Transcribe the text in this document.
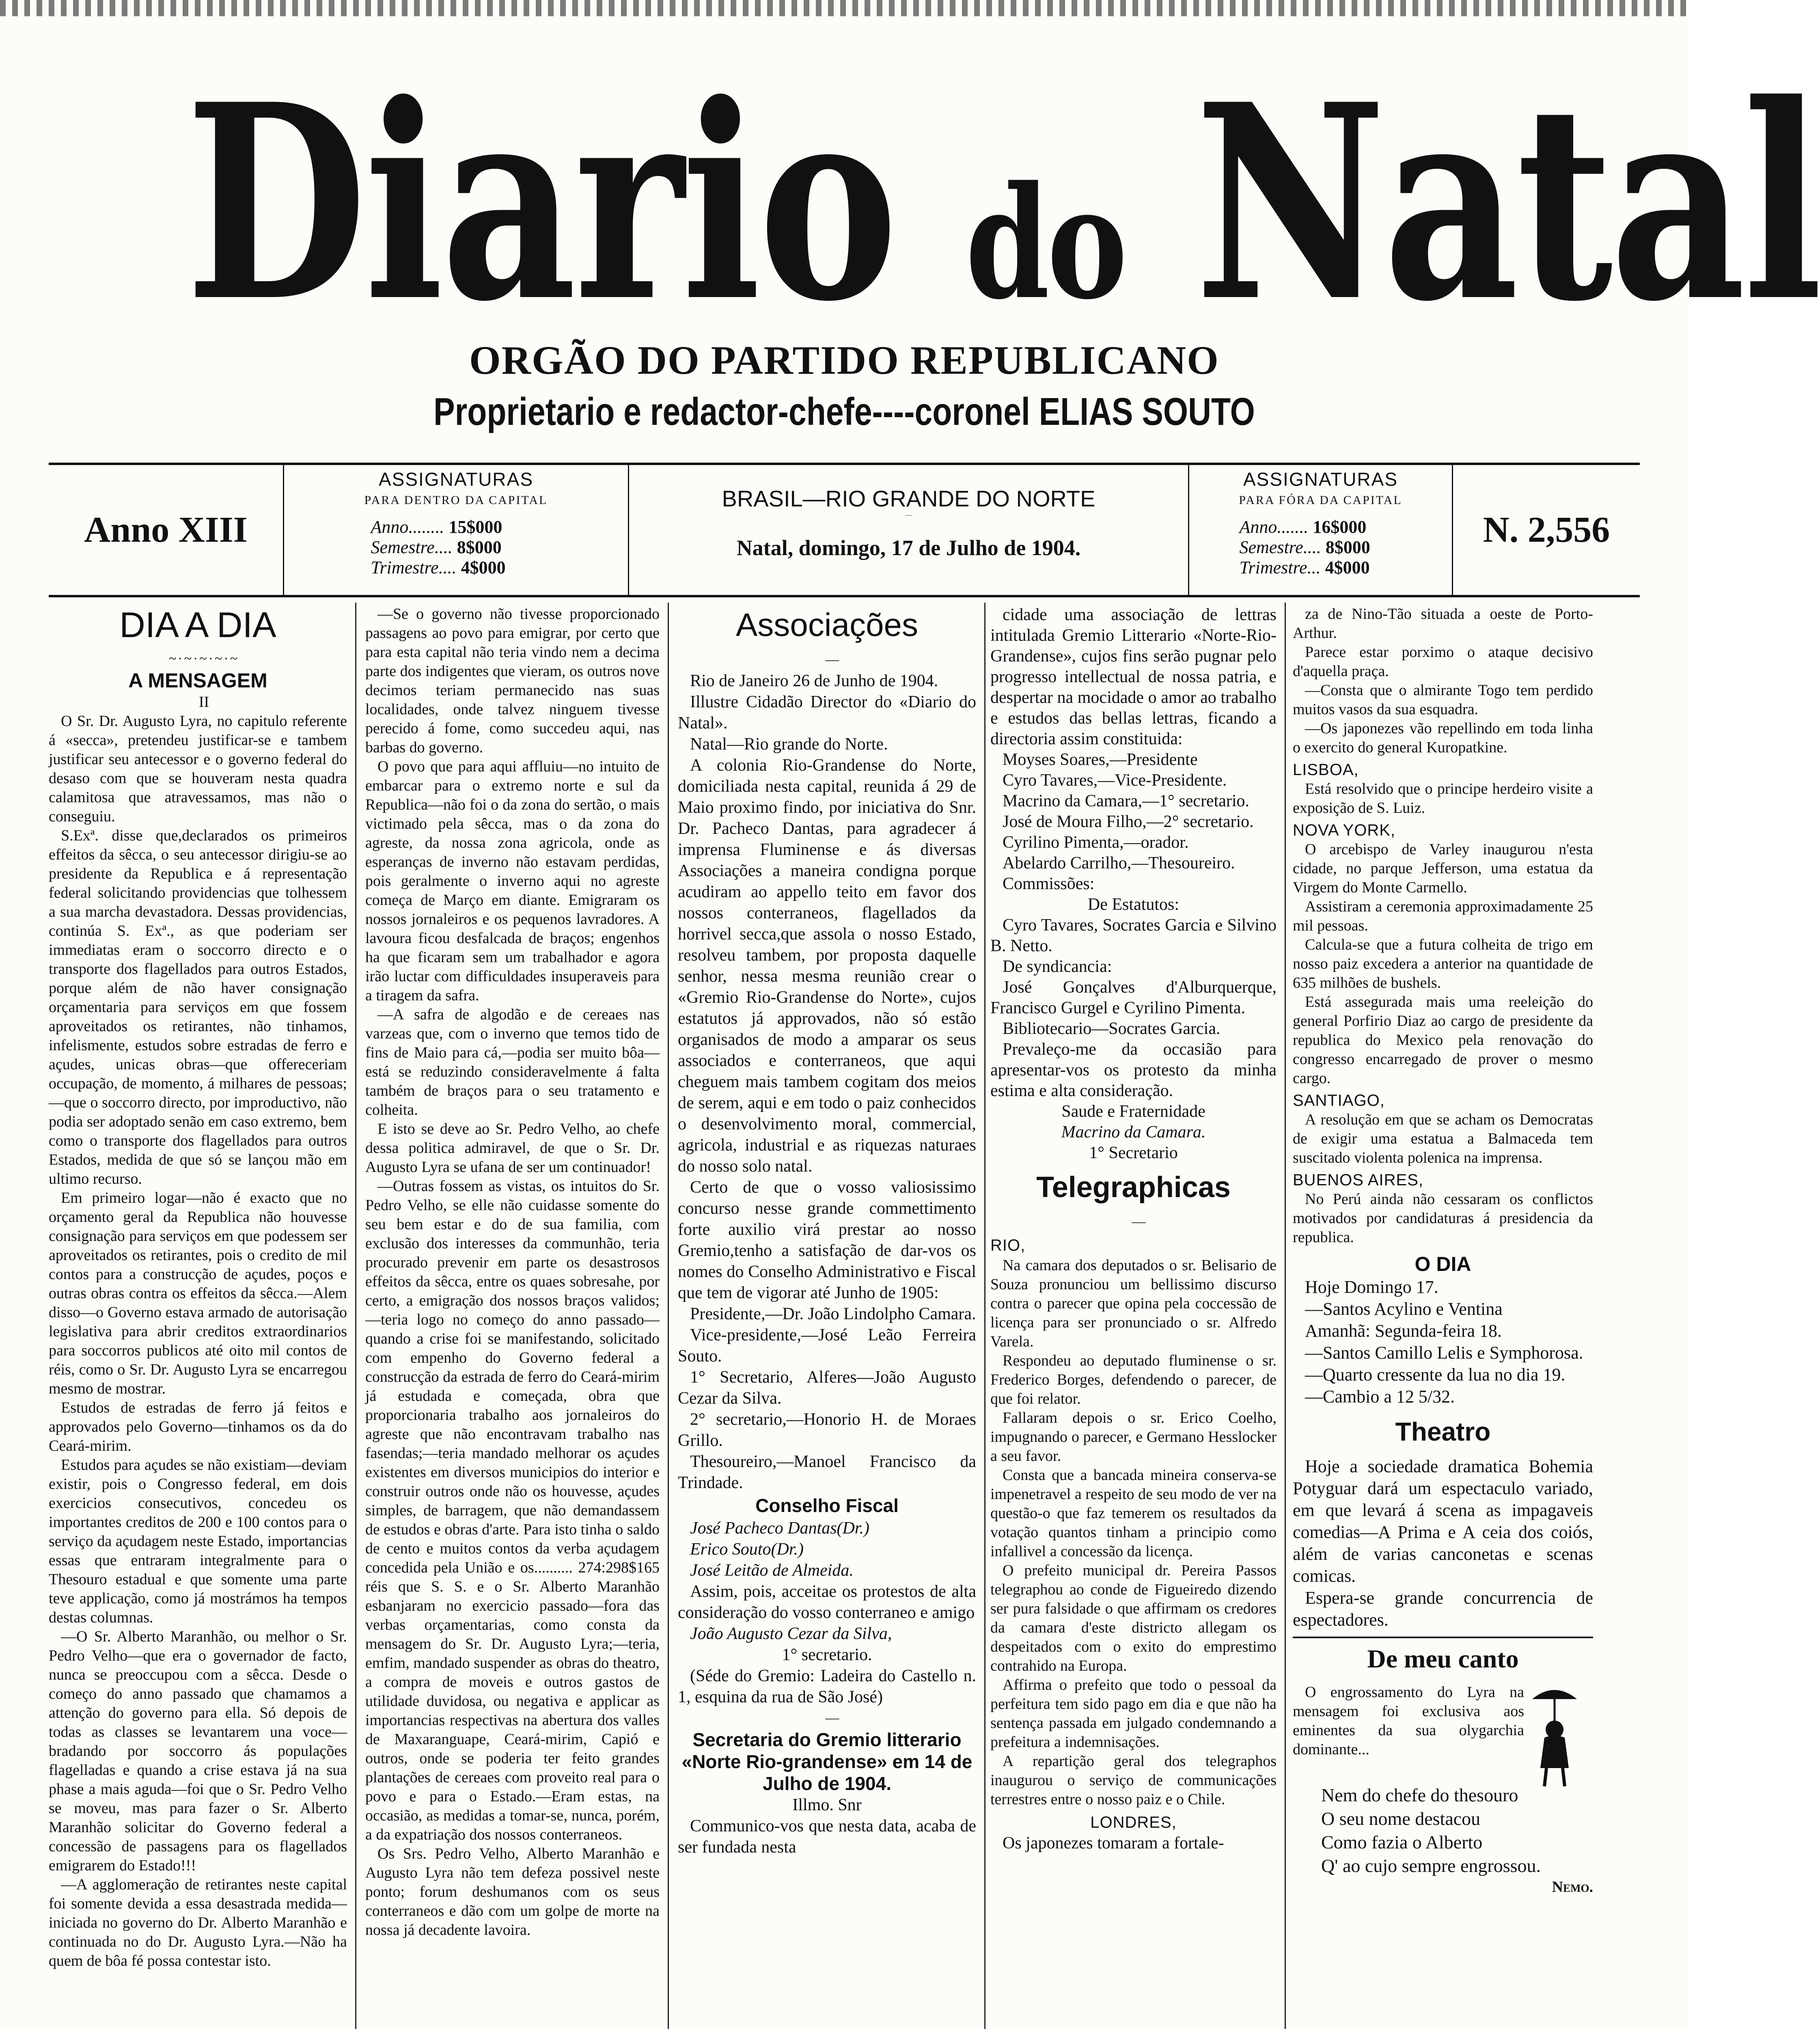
Diario do Natal
ORGÃO DO PARTIDO REPUBLICANO
Proprietario e redactor-chefe----coronel ELIAS SOUTO
Anno XIII
ASSIGNATURAS
PARA DENTRO DA CAPITAL
Anno........ 15$000
Semestre.... 8$000
Trimestre.... 4$000
BRASIL—RIO GRANDE DO NORTE
—
Natal, domingo, 17 de Julho de 1904.
ASSIGNATURAS
PARA FÓRA DA CAPITAL
Anno....... 16$000
Semestre.... 8$000
Trimestre... 4$000
N. 2,556
DIA A DIA

~·~·~·~·~

A MENSAGEM

II

O Sr. Dr. Augusto Lyra, no capitulo referente á «secca», pretendeu justificar-se e tambem justificar seu antecessor e o governo federal do desaso com que se houveram nesta quadra calamitosa que atravessamos, mas não o conseguiu.

S.Exª. disse que,declarados os primeiros effeitos da sêcca, o seu antecessor dirigiu-se ao presidente da Republica e á representação federal solicitando providencias que tolhessem a sua marcha devastadora. Dessas providencias, continúa S. Exª., as que poderiam ser immediatas eram o soccorro directo e o transporte dos flagellados para outros Estados, porque além de não haver consignação orçamentaria para serviços em que fossem aproveitados os retirantes, não tinhamos, infelismente, estudos sobre estradas de ferro e açudes, unicas obras—que offereceriam occupação, de momento, á milhares de pessoas;—que o soccorro directo, por improductivo, não podia ser adoptado senão em caso extremo, bem como o transporte dos flagellados para outros Estados, medida de que só se lançou mão em ultimo recurso.

Em primeiro logar—não é exacto que no orçamento geral da Republica não houvesse consignação para serviços em que podessem ser aproveitados os retirantes, pois o credito de mil contos para a construcção de açudes, poços e outras obras contra os effeitos da sêcca.—Alem disso—o Governo estava armado de autorisação legislativa para abrir creditos extraordinarios para soccorros publicos até oito mil contos de réis, como o Sr. Dr. Augusto Lyra se encarregou mesmo de mostrar.

Estudos de estradas de ferro já feitos e approvados pelo Governo—tinhamos os da do Ceará-mirim.

Estudos para açudes se não existiam—deviam existir, pois o Congresso federal, em dois exercicios consecutivos, concedeu os importantes creditos de 200 e 100 contos para o serviço da açudagem neste Estado, importancias essas que entraram integralmente para o Thesouro estadual e que somente uma parte teve applicação, como já mostrámos ha tempos destas columnas.

—O Sr. Alberto Maranhão, ou melhor o Sr. Pedro Velho—que era o governador de facto, nunca se preoccupou com a sêcca. Desde o começo do anno passado que chamamos a attenção do governo para ella. Só depois de todas as classes se levantarem una voce—bradando por soccorro ás populações flagelladas e quando a crise estava já na sua phase a mais aguda—foi que o Sr. Pedro Velho se moveu, mas para fazer o Sr. Alberto Maranhão solicitar do Governo federal a concessão de passagens para os flagellados emigrarem do Estado!!!

—A agglomeração de retirantes neste capital foi somente devida a essa desastrada medida—iniciada no governo do Dr. Alberto Maranhão e continuada no do Dr. Augusto Lyra.—Não ha quem de bôa fé possa contestar isto.

—Se o governo não tivesse proporcionado passagens ao povo para emigrar, por certo que para esta capital não teria vindo nem a decima parte dos indigentes que vieram, os outros nove decimos teriam permanecido nas suas localidades, onde talvez ninguem tivesse perecido á fome, como succedeu aqui, nas barbas do governo.

O povo que para aqui affluiu—no intuito de embarcar para o extremo norte e sul da Republica—não foi o da zona do sertão, o mais victimado pela sêcca, mas o da zona do agreste, da nossa zona agricola, onde as esperanças de inverno não estavam perdidas, pois geralmente o inverno aqui no agreste começa de Março em diante. Emigraram os nossos jornaleiros e os pequenos lavradores. A lavoura ficou desfalcada de braços; engenhos ha que ficaram sem um trabalhador e agora irão luctar com difficuldades insuperaveis para a tiragem da safra.

—A safra de algodão e de cereaes nas varzeas que, com o inverno que temos tido de fins de Maio para cá,—podia ser muito bôa—está se reduzindo consideravelmente á falta também de braços para o seu tratamento e colheita.

E isto se deve ao Sr. Pedro Velho, ao chefe dessa politica admiravel, de que o Sr. Dr. Augusto Lyra se ufana de ser um continuador!

—Outras fossem as vistas, os intuitos do Sr. Pedro Velho, se elle não cuidasse somente do seu bem estar e do de sua familia, com exclusão dos interesses da communhão, teria procurado prevenir em parte os desastrosos effeitos da sêcca, entre os quaes sobresahe, por certo, a emigração dos nossos braços validos;—teria logo no começo do anno passado—quando a crise foi se manifestando, solicitado com empenho do Governo federal a construcção da estrada de ferro do Ceará-mirim já estudada e começada, obra que proporcionaria trabalho aos jornaleiros do agreste que não encontravam trabalho nas fasendas;—teria mandado melhorar os açudes existentes em diversos municipios do interior e construir outros onde não os houvesse, açudes simples, de barragem, que não demandassem de estudos e obras d'arte. Para isto tinha o saldo de cento e muitos contos da verba açudagem concedida pela União e os.......... 274:298$165 réis que S. S. e o Sr. Alberto Maranhão esbanjaram no exercicio passado—fora das verbas orçamentarias, como consta da mensagem do Sr. Dr. Augusto Lyra;—teria, emfim, mandado suspender as obras do theatro, a compra de moveis e outros gastos de utilidade duvidosa, ou negativa e applicar as importancias respectivas na abertura dos valles de Maxaranguape, Ceará-mirim, Capió e outros, onde se poderia ter feito grandes plantações de cereaes com proveito real para o povo e para o Estado.—Eram estas, na occasião, as medidas a tomar-se, nunca, porém, a da expatriação dos nossos conterraneos.

Os Srs. Pedro Velho, Alberto Maranhão e Augusto Lyra não tem defeza possivel neste ponto; forum deshumanos com os seus conterraneos e dão com um golpe de morte na nossa já decadente lavoira.

Associações

—

Rio de Janeiro 26 de Junho de 1904.

Illustre Cidadão Director do «Diario do Natal».

Natal—Rio grande do Norte.

A colonia Rio-Grandense do Norte, domiciliada nesta capital, reunida á 29 de Maio proximo findo, por iniciativa do Snr. Dr. Pacheco Dantas, para agradecer á imprensa Fluminense e ás diversas Associações a maneira condigna porque acudiram ao appello teito em favor dos nossos conterraneos, flagellados da horrivel secca,que assola o nosso Estado, resolveu tambem, por proposta daquelle senhor, nessa mesma reunião crear o «Gremio Rio-Grandense do Norte», cujos estatutos já approvados, não só estão organisados de modo a amparar os seus associados e conterraneos, que aqui cheguem mais tambem cogitam dos meios de serem, aqui e em todo o paiz conhecidos o desenvolvimento moral, commercial, agricola, industrial e as riquezas naturaes do nosso solo natal.

Certo de que o vosso valiosissimo concurso nesse grande commettimento forte auxilio virá prestar ao nosso Gremio,tenho a satisfação de dar-vos os nomes do Conselho Administrativo e Fiscal que tem de vigorar até Junho de 1905:

Presidente,—Dr. João Lindolpho Camara.

Vice-presidente,—José Leão Ferreira Souto.

1° Secretario, Alferes—João Augusto Cezar da Silva.

2° secretario,—Honorio H. de Moraes Grillo.

Thesoureiro,—Manoel Francisco da Trindade.

Conselho Fiscal

José Pacheco Dantas(Dr.)

Erico Souto(Dr.)

José Leitão de Almeida.

Assim, pois, acceitae os protestos de alta consideração do vosso conterraneo e amigo

João Augusto Cezar da Silva,

1° secretario.

(Séde do Gremio: Ladeira do Castello n. 1, esquina da rua de São José)

—

Secretaria do Gremio litterario «Norte Rio-grandense» em 14 de Julho de 1904.

Illmo. Snr

Communico-vos que nesta data, acaba de ser fundada nesta

cidade uma associação de lettras intitulada Gremio Litterario «Norte-Rio-Grandense», cujos fins serão pugnar pelo progresso intellectual de nossa patria, e despertar na mocidade o amor ao trabalho e estudos das bellas lettras, ficando a directoria assim constituida:

Moyses Soares,—Presidente

Cyro Tavares,—Vice-Presidente.

Macrino da Camara,—1° secretario.

José de Moura Filho,—2° secretario.

Cyrilino Pimenta,—orador.

Abelardo Carrilho,—Thesoureiro.

Commissões:

De Estatutos:

Cyro Tavares, Socrates Garcia e Silvino B. Netto.

De syndicancia:

José Gonçalves d'Alburquerque, Francisco Gurgel e Cyrilino Pimenta.

Bibliotecario—Socrates Garcia.

Prevaleço-me da occasião para apresentar-vos os protesto da minha estima e alta consideração.

Saude e Fraternidade

Macrino da Camara.

1° Secretario

Telegraphicas

—

RIO,

Na camara dos deputados o sr. Belisario de Souza pronunciou um bellissimo discurso contra o parecer que opina pela coccessão de licença para ser pronunciado o sr. Alfredo Varela.

Respondeu ao deputado fluminense o sr. Frederico Borges, defendendo o parecer, de que foi relator.

Fallaram depois o sr. Erico Coelho, impugnando o parecer, e Germano Hesslocker a seu favor.

Consta que a bancada mineira conserva-se impenetravel a respeito de seu modo de ver na questão-o que faz temerem os resultados da votação quantos tinham a principio como infallivel a concessão da licença.

O prefeito municipal dr. Pereira Passos telegraphou ao conde de Figueiredo dizendo ser pura falsidade o que affirmam os credores da camara d'este districto allegam os despeitados com o exito do emprestimo contrahido na Europa.

Affirma o prefeito que todo o pessoal da perfeitura tem sido pago em dia e que não ha sentença passada em julgado condemnando a prefeitura a indemnisações.

A repartição geral dos telegraphos inaugurou o serviço de communicações terrestres entre o nosso paiz e o Chile.

LONDRES,

Os japonezes tomaram a fortale-

za de Nino-Tão situada a oeste de Porto-Arthur.

Parece estar porximo o ataque decisivo d'aquella praça.

—Consta que o almirante Togo tem perdido muitos vasos da sua esquadra.

—Os japonezes vão repellindo em toda linha o exercito do general Kuropatkine.

LISBOA,

Está resolvido que o principe herdeiro visite a exposição de S. Luiz.

NOVA YORK,

O arcebispo de Varley inaugurou n'esta cidade, no parque Jefferson, uma estatua da Virgem do Monte Carmello.

Assistiram a ceremonia approximadamente 25 mil pessoas.

Calcula-se que a futura colheita de trigo em nosso paiz excedera a anterior na quantidade de 635 milhões de bushels.

Está assegurada mais uma reeleição do general Porfirio Diaz ao cargo de presidente da republica do Mexico pela renovação do congresso encarregado de prover o mesmo cargo.

SANTIAGO,

A resolução em que se acham os Democratas de exigir uma estatua a Balmaceda tem suscitado violenta polenica na imprensa.

BUENOS AIRES,

No Perú ainda não cessaram os conflictos motivados por candidaturas á presidencia da republica.

O DIA

Hoje Domingo 17.

—Santos Acylino e Ventina

Amanhã: Segunda-feira 18.

—Santos Camillo Lelis e Symphorosa.

—Quarto cressente da lua no dia 19.

—Cambio a 12 5/32.

Theatro

Hoje a sociedade dramatica Bohemia Potyguar dará um espectaculo variado, em que levará á scena as impagaveis comedias—A Prima e A ceia dos coiós, além de varias canconetas e scenas comicas.

Espera-se grande concurrencia de espectadores.

De meu canto

O engrossamento do Lyra na mensagem foi exclusiva aos eminentes da sua olygarchia dominante...

Nem do chefe do thesouro

O seu nome destacou

Como fazia o Alberto

Q' ao cujo sempre engrossou.

Nemo.
